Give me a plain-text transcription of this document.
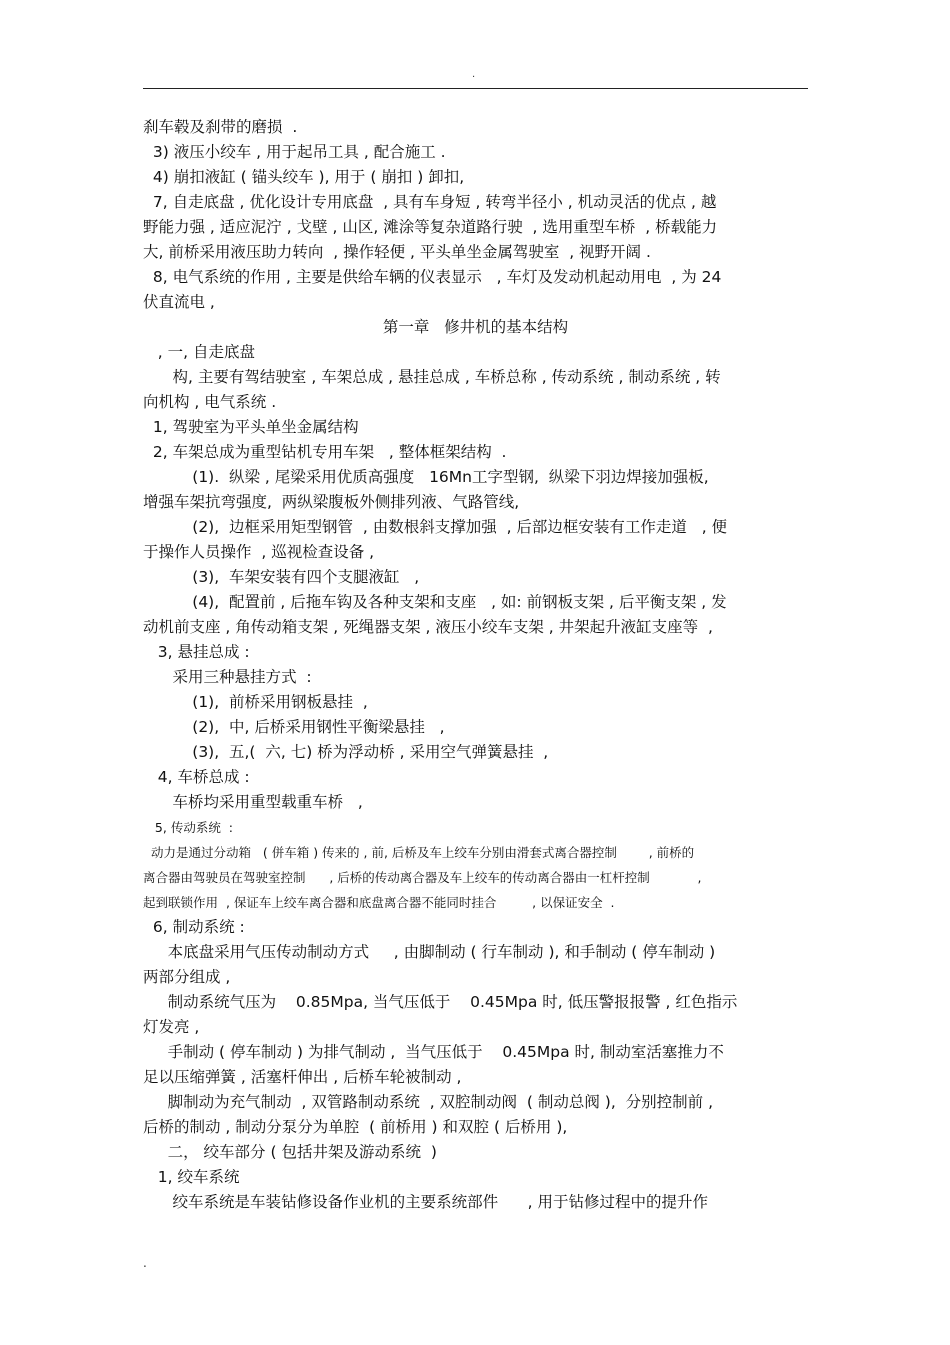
.

刹车毂及刹带的磨损  .

3) 液压小绞车 , 用于起吊工具 , 配合施工 .

4) 崩扣液缸 ( 锚头绞车 ), 用于 ( 崩扣 ) 卸扣,

7, 自走底盘 , 优化设计专用底盘  , 具有车身短 , 转弯半径小 , 机动灵活的优点 , 越

野能力强 , 适应泥泞 , 戈壁 , 山区, 滩涂等复杂道路行驶  , 选用重型车桥  , 桥载能力

大, 前桥采用液压助力转向  , 操作轻便 , 平头单坐金属驾驶室  , 视野开阔 .

8, 电气系统的作用 , 主要是供给车辆的仪表显示   , 车灯及发动机起动用电  , 为 24

伏直流电 ,

第一章   修井机的基本结构

, 一, 自走底盘

构, 主要有驾结驶室 , 车架总成 , 悬挂总成 , 车桥总称 , 传动系统 , 制动系统 , 转

向机构 , 电气系统 .

1, 驾驶室为平头单坐金属结构

2, 车架总成为重型钻机专用车架   , 整体框架结构  .

(1).  纵梁 , 尾梁采用优质高强度   16Mn工字型钢,  纵梁下羽边焊接加强板,

增强车架抗弯强度,  两纵梁腹板外侧排列液、气路管线,

(2),  边框采用矩型钢管  , 由数根斜支撑加强  , 后部边框安装有工作走道   , 便

于操作人员操作  , 巡视检查设备 ,

(3),  车架安装有四个支腿液缸   ,

(4),  配置前 , 后拖车钩及各种支架和支座   , 如: 前钢板支架 , 后平衡支架 , 发

动机前支座 , 角传动箱支架 , 死绳器支架 , 液压小绞车支架 , 井架起升液缸支座等  ,

3, 悬挂总成 :

采用三种悬挂方式  :

(1),  前桥采用钢板悬挂  ,

(2),  中, 后桥采用钢性平衡梁悬挂   ,

(3),  五,(  六, 七) 桥为浮动桥 , 采用空气弹簧悬挂  ,

4, 车桥总成 :

车桥均采用重型载重车桥   ,

5, 传动系统  :

动力是通过分动箱   ( 併车箱 ) 传来的 , 前, 后桥及车上绞车分别由滑套式离合器控制        , 前桥的

离合器由驾驶员在驾驶室控制      , 后桥的传动离合器及车上绞车的传动离合器由一杠杆控制            ,

起到联锁作用  , 保证车上绞车离合器和底盘离合器不能同时挂合         , 以保证安全  .

6, 制动系统 :

本底盘采用气压传动制动方式     , 由脚制动 ( 行车制动 ), 和手制动 ( 停车制动 )

两部分组成 ,

制动系统气压为    0.85Mpa, 当气压低于    0.45Mpa 时, 低压警报报警 , 红色指示

灯发亮 ,

手制动 ( 停车制动 ) 为排气制动 ,  当气压低于    0.45Mpa 时, 制动室活塞推力不

足以压缩弹簧 , 活塞杆伸出 , 后桥车轮被制动 ,

脚制动为充气制动  , 双管路制动系统  , 双腔制动阀  ( 制动总阀 ),  分别控制前 ,

后桥的制动 , 制动分泵分为单腔  ( 前桥用 ) 和双腔 ( 后桥用 ),

二， 绞车部分 ( 包括井架及游动系统  )

1, 绞车系统

绞车系统是车装钻修设备作业机的主要系统部件      , 用于钻修过程中的提升作

.
